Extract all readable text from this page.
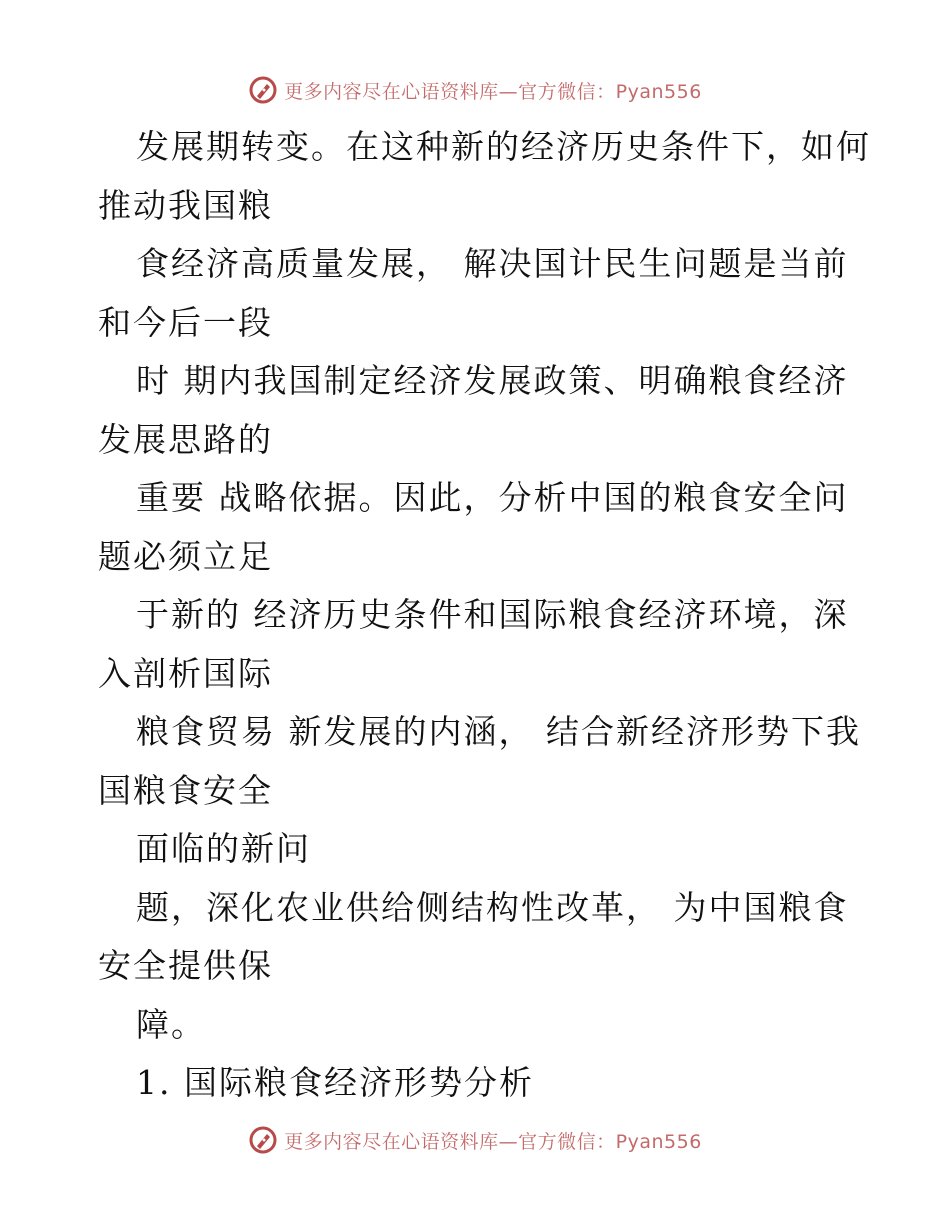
更多内容尽在心语资料库—官方微信：Pyan556
发展期转变。在这种新的经济历史条件下，如何
推动我国粮
食经济高质量发展， 解决国计民生问题是当前
和今后一段
时 期内我国制定经济发展政策、明确粮食经济
发展思路的
重要 战略依据。因此，分析中国的粮食安全问
题必须立足
于新的 经济历史条件和国际粮食经济环境，深
入剖析国际
粮食贸易 新发展的内涵， 结合新经济形势下我
国粮食安全
面临的新问
题，深化农业供给侧结构性改革， 为中国粮食
安全提供保
障。
1. 国际粮食经济形势分析
更多内容尽在心语资料库—官方微信：Pyan556
